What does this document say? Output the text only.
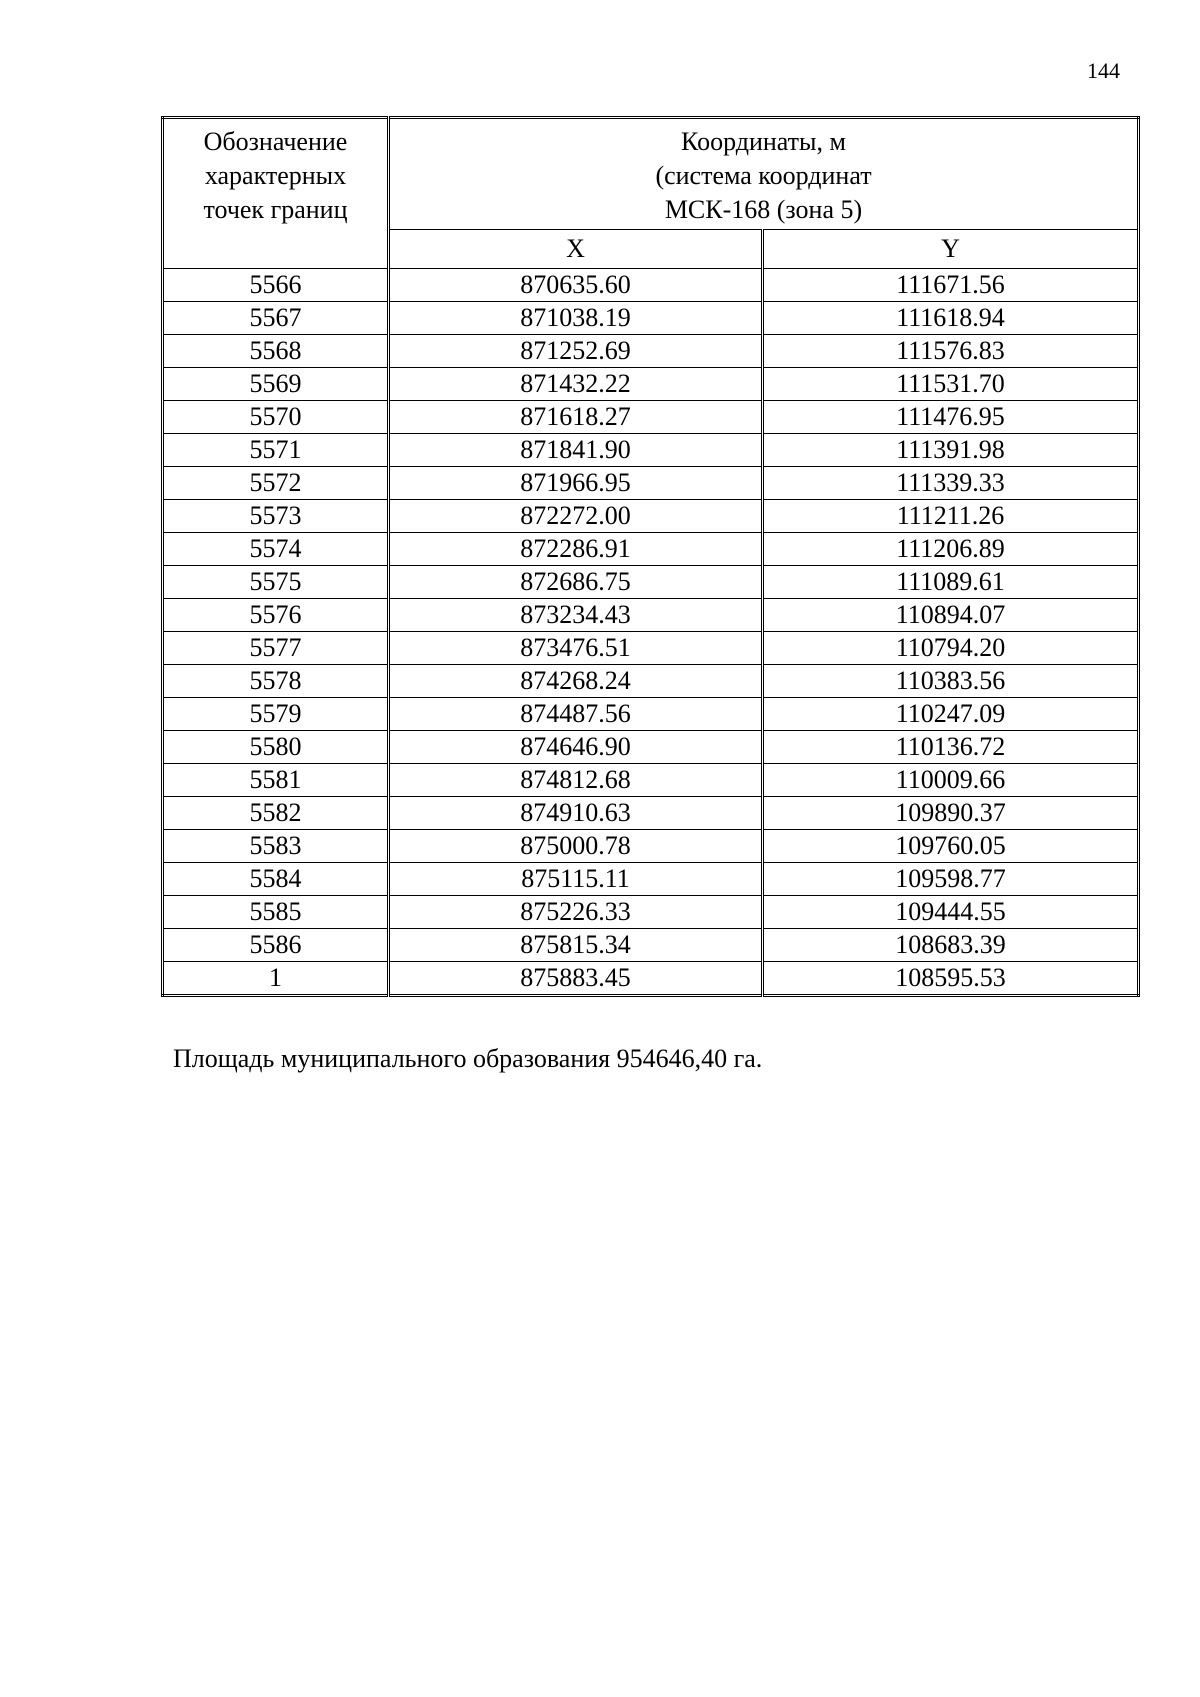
144
Обозначение
характерных
точек границ	Координаты, м
(система координат
МСК-168 (зона 5)	

	X	Y
5566	870635.60	111671.56
5567	871038.19	111618.94
5568	871252.69	111576.83
5569	871432.22	111531.70
5570	871618.27	111476.95
5571	871841.90	111391.98
5572	871966.95	111339.33
5573	872272.00	111211.26
5574	872286.91	111206.89
5575	872686.75	111089.61
5576	873234.43	110894.07
5577	873476.51	110794.20
5578	874268.24	110383.56
5579	874487.56	110247.09
5580	874646.90	110136.72
5581	874812.68	110009.66
5582	874910.63	109890.37
5583	875000.78	109760.05
5584	875115.11	109598.77
5585	875226.33	109444.55
5586	875815.34	108683.39
1	875883.45	108595.53
Площадь муниципального образования 954646,40 га.
